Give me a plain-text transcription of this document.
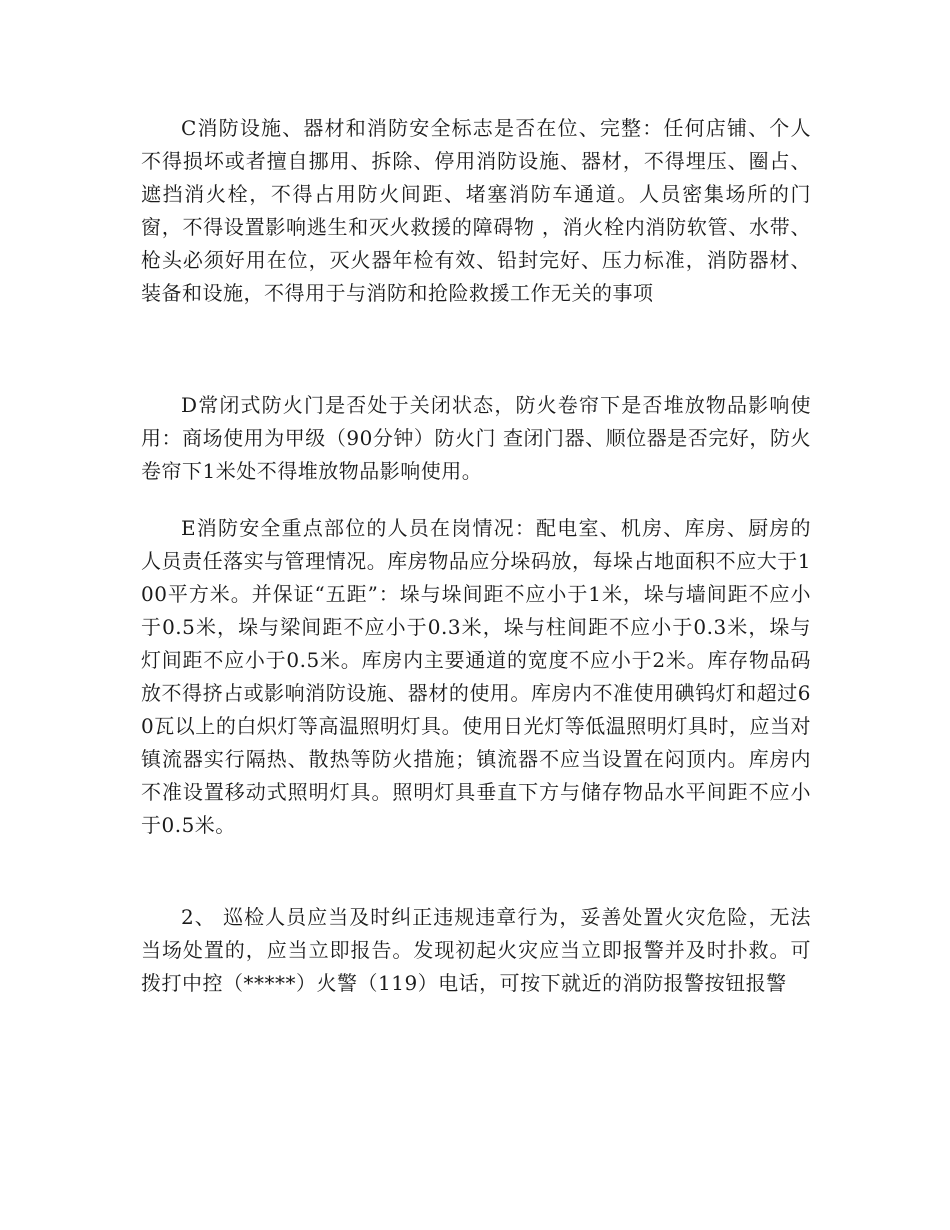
C消防设施、器材和消防安全标志是否在位、完整：任何店铺、个人不得损坏或者擅自挪用、拆除、停用消防设施、器材，不得埋压、圈占、遮挡消火栓，不得占用防火间距、堵塞消防车通道。人员密集场所的门窗，不得设置影响逃生和灭火救援的障碍物 ，消火栓内消防软管、水带、枪头必须好用在位，灭火器年检有效、铅封完好、压力标准，消防器材、装备和设施，不得用于与消防和抢险救援工作无关的事项

D常闭式防火门是否处于关闭状态，防火卷帘下是否堆放物品影响使用：商场使用为甲级（90分钟）防火门 查闭门器、顺位器是否完好，防火卷帘下1米处不得堆放物品影响使用。

E消防安全重点部位的人员在岗情况：配电室、机房、库房、厨房的人员责任落实与管理情况。库房物品应分垛码放，每垛占地面积不应大于100平方米。并保证“五距”：垛与垛间距不应小于1米，垛与墙间距不应小于0.5米，垛与梁间距不应小于0.3米，垛与柱间距不应小于0.3米，垛与灯间距不应小于0.5米。库房内主要通道的宽度不应小于2米。库存物品码放不得挤占或影响消防设施、器材的使用。库房内不准使用碘钨灯和超过60瓦以上的白炽灯等高温照明灯具。使用日光灯等低温照明灯具时，应当对镇流器实行隔热、散热等防火措施；镇流器不应当设置在闷顶内。库房内不准设置移动式照明灯具。照明灯具垂直下方与储存物品水平间距不应小于0.5米。

2、 巡检人员应当及时纠正违规违章行为，妥善处置火灾危险，无法当场处置的，应当立即报告。发现初起火灾应当立即报警并及时扑救。可拨打中控（*****）火警（119）电话，可按下就近的消防报警按钮报警
